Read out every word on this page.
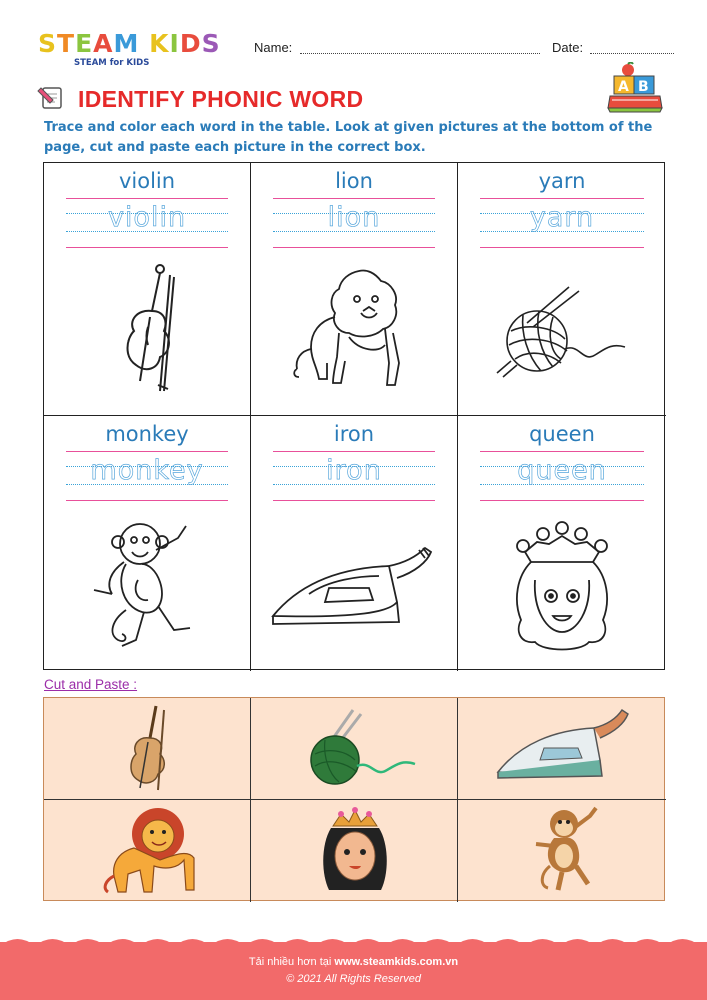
STEAM KIDS
STEAM for KIDS
Name:	Date:
IDENTIFY PHONIC WORD	A B
Trace and color each word in the table. Look at given pictures at the bottom of the page, cut and paste each picture in the correct box.
violin
violin
lion
lion
yarn
yarn
monkey
monkey
iron
iron
queen
queen
Cut and Paste :
Tải nhiều hơn tại www.steamkids.com.vn
© 2021 All Rights Reserved
